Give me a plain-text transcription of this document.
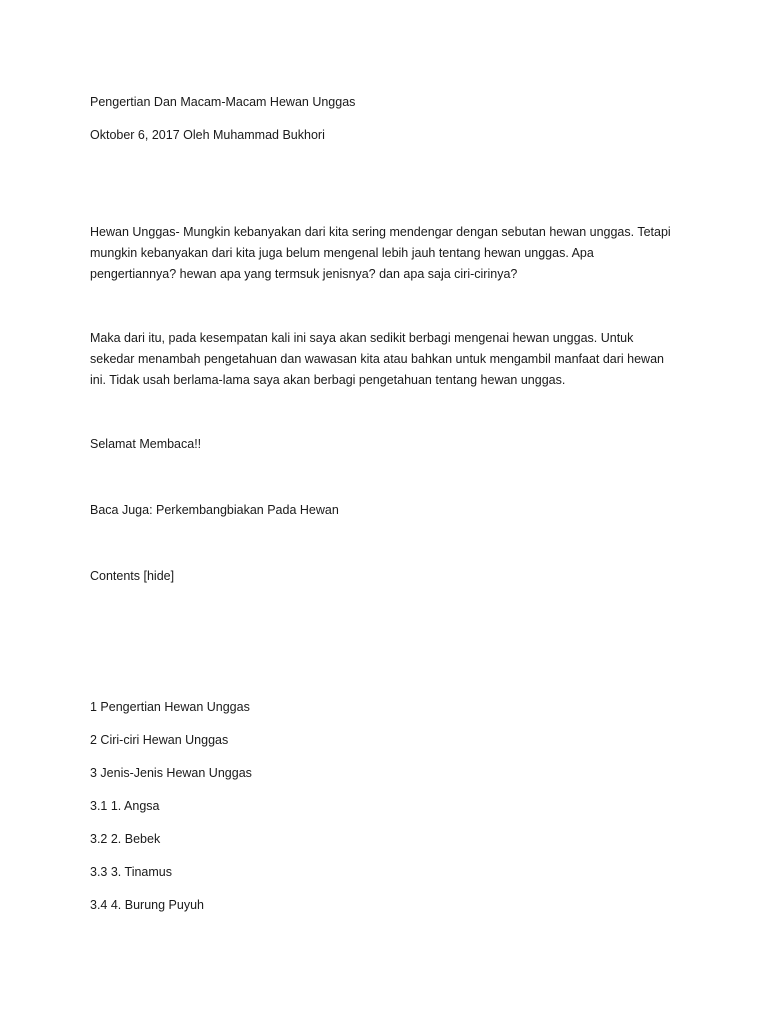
Pengertian Dan Macam-Macam Hewan Unggas
Oktober 6, 2017 Oleh Muhammad Bukhori
Hewan Unggas- Mungkin kebanyakan dari kita sering mendengar dengan sebutan hewan unggas. Tetapi mungkin kebanyakan dari kita juga belum mengenal lebih jauh tentang hewan unggas. Apa pengertiannya? hewan apa yang termsuk jenisnya? dan apa saja ciri-cirinya?
Maka dari itu, pada kesempatan kali ini saya akan sedikit berbagi mengenai hewan unggas. Untuk sekedar menambah pengetahuan dan wawasan kita atau bahkan untuk mengambil manfaat dari hewan ini. Tidak usah berlama-lama saya akan berbagi pengetahuan tentang hewan unggas.
Selamat Membaca!!
Baca Juga: Perkembangbiakan Pada Hewan
Contents [hide]
1 Pengertian Hewan Unggas
2 Ciri-ciri Hewan Unggas
3 Jenis-Jenis Hewan Unggas
3.1 1. Angsa
3.2 2. Bebek
3.3 3. Tinamus
3.4 4. Burung Puyuh
